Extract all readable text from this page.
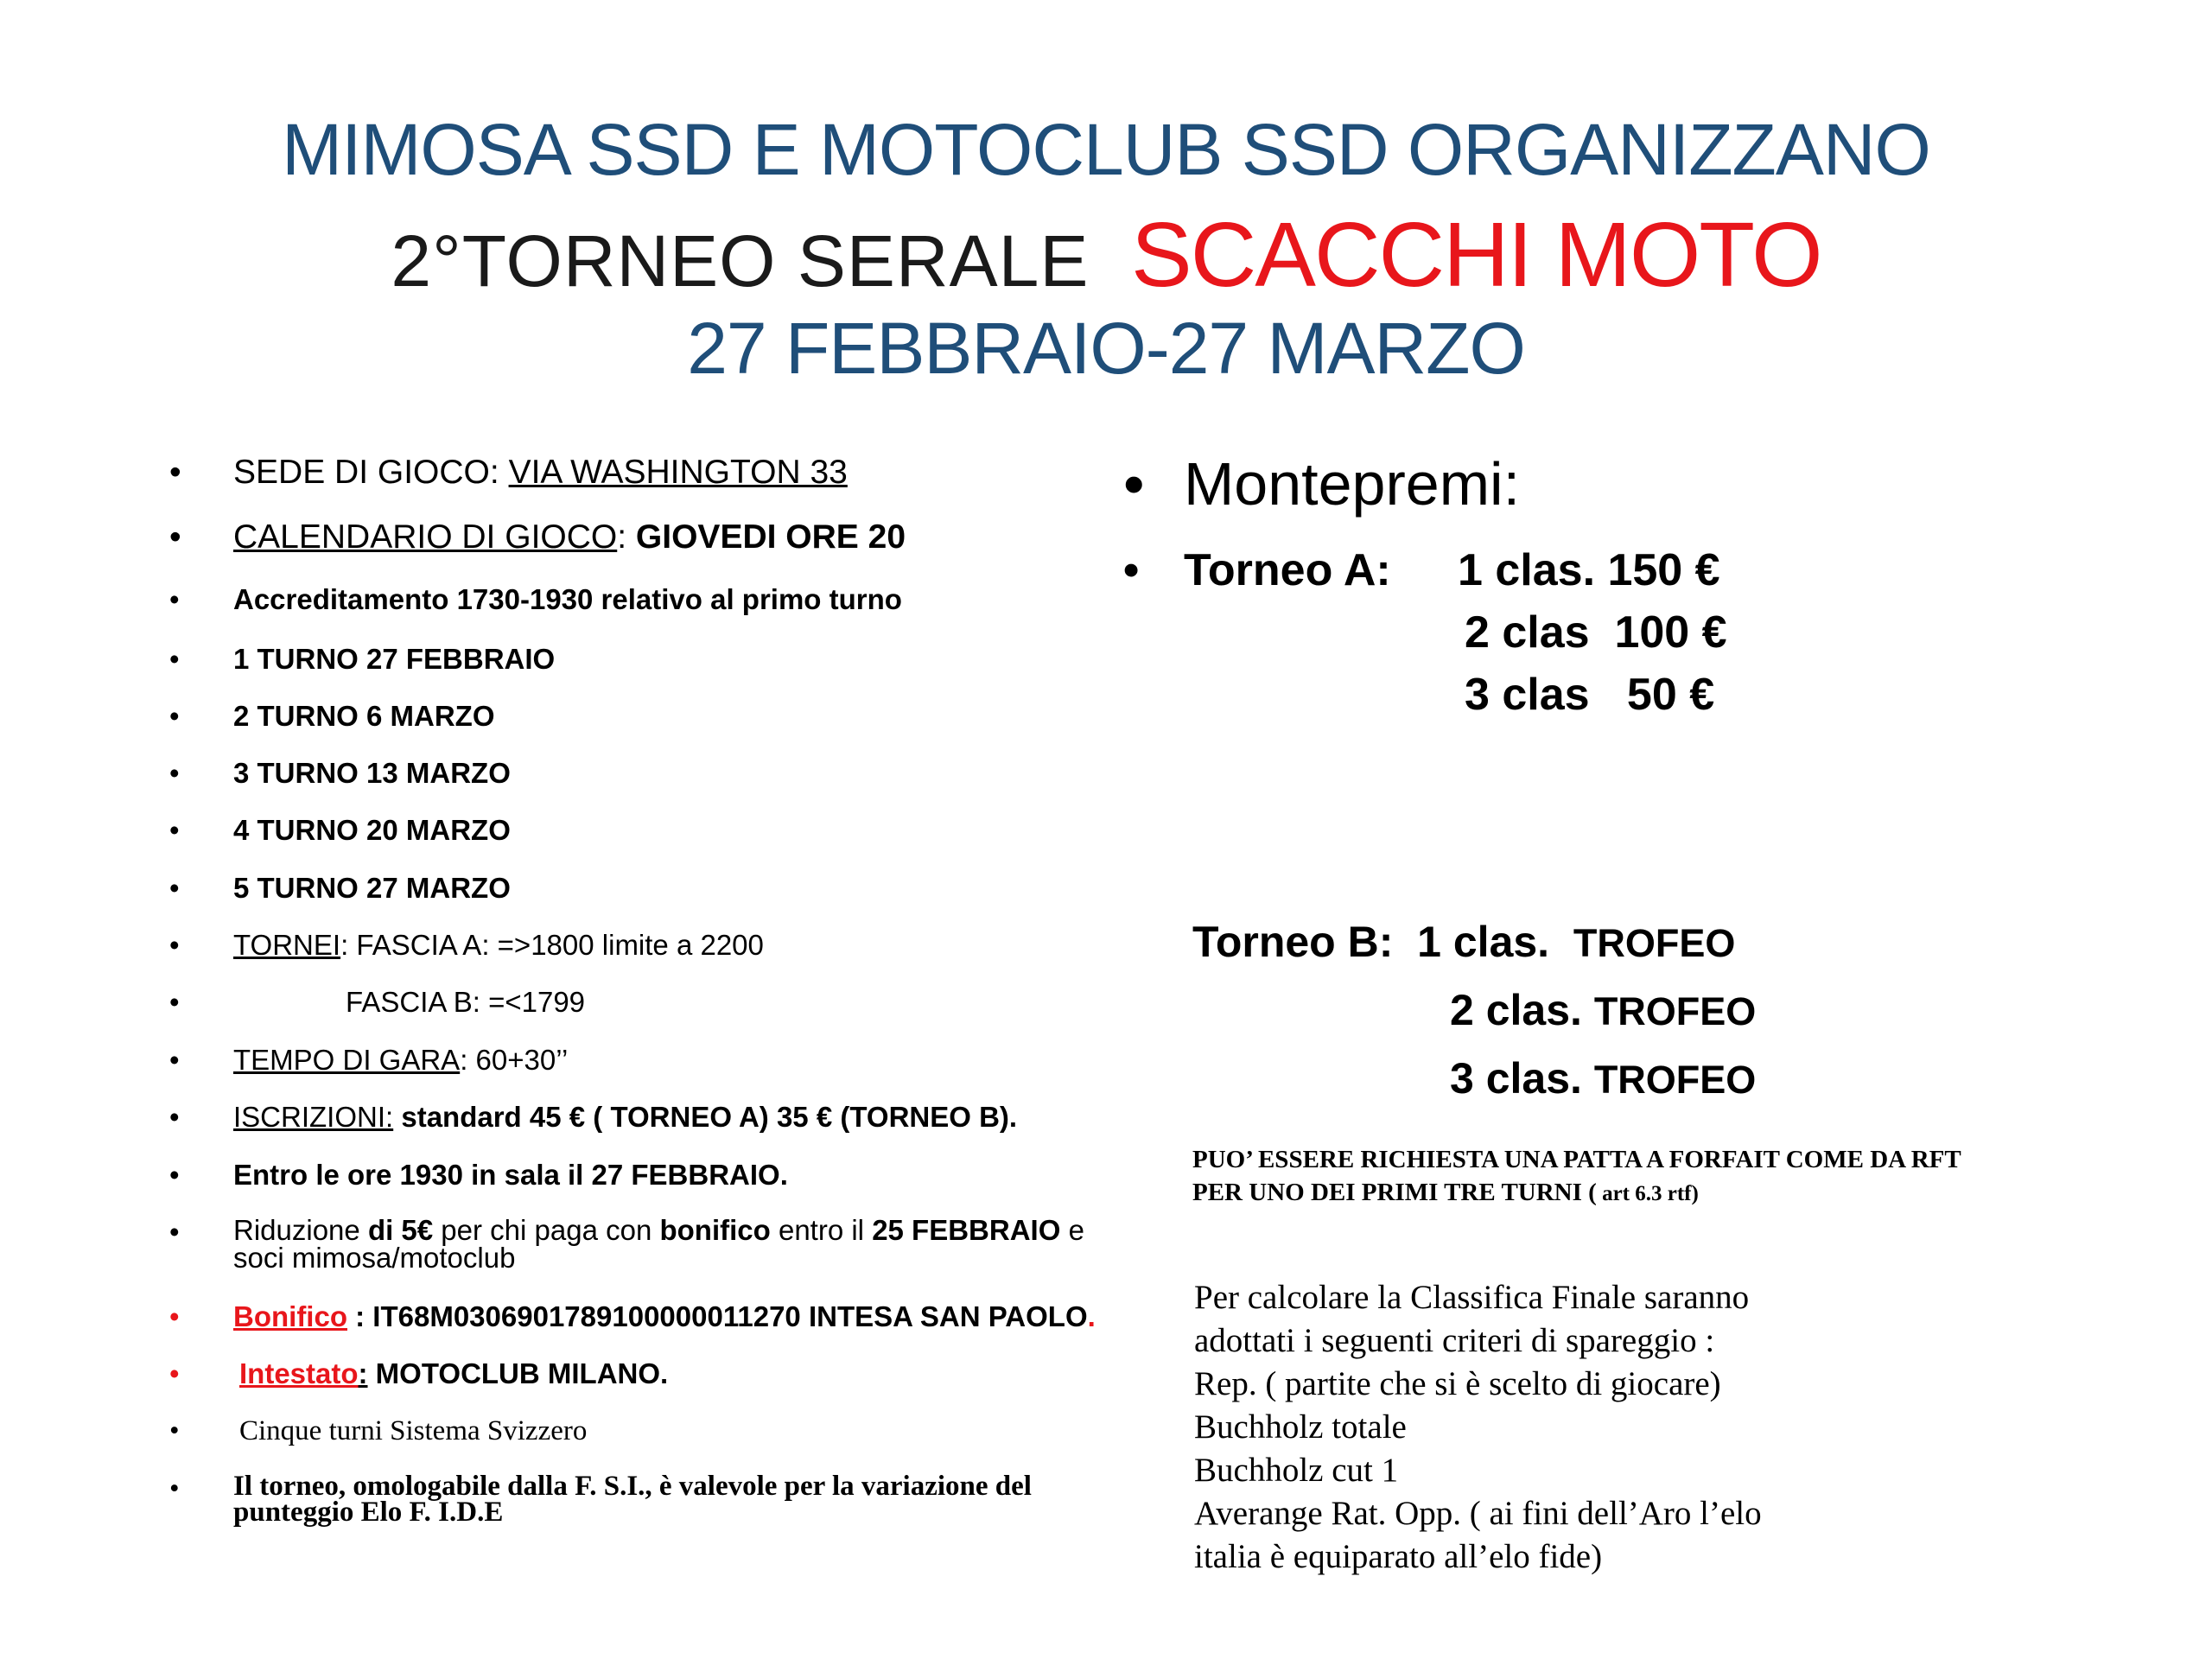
MIMOSA SSD E MOTOCLUB SSD ORGANIZZANO
2°TORNEO SERALE SCACCHI MOTO
27 FEBBRAIO-27 MARZO
• SEDE DI GIOCO: VIA WASHINGTON 33
• CALENDARIO DI GIOCO: GIOVEDI ORE 20
• Accreditamento 1730-1930 relativo al primo turno
• 1 TURNO 27 FEBBRAIO
• 2 TURNO 6 MARZO
• 3 TURNO 13 MARZO
• 4 TURNO 20 MARZO
• 5 TURNO 27 MARZO
• TORNEI: FASCIA A: =>1800 limite a 2200
•	FASCIA B: =<1799
• TEMPO DI GARA: 60+30’’
• ISCRIZIONI: standard 45 € ( TORNEO A) 35 € (TORNEO B).
• Entro le ore 1930 in sala il 27 FEBBRAIO.
• Riduzione di 5€ per chi paga con bonifico entro il 25 FEBBRAIO e soci mimosa/motoclub
• Bonifico : IT68M0306901789100000011270 INTESA SAN PAOLO.
• Intestato: MOTOCLUB MILANO.
• Cinque turni Sistema Svizzero
• Il torneo, omologabile dalla F. S.I., è valevole per la variazione del punteggio Elo F. I.D.E
• Montepremi:
• Torneo A: 1 clas. 150 €
2 clas  100 €
3 clas   50 €
Torneo B: 1 clas. TROFEO
2 clas. TROFEO
3 clas. TROFEO
PUO’ ESSERE RICHIESTA UNA PATTA A FORFAIT COME DA RFT PER UNO DEI PRIMI TRE TURNI ( art 6.3 rtf)
Per calcolare la Classifica Finale saranno
adottati i seguenti criteri di spareggio :
Rep. ( partite che si è scelto di giocare)
Buchholz totale
Buchholz cut 1
Averange Rat. Opp. ( ai fini dell’Aro l’elo
italia è equiparato all’elo fide)
